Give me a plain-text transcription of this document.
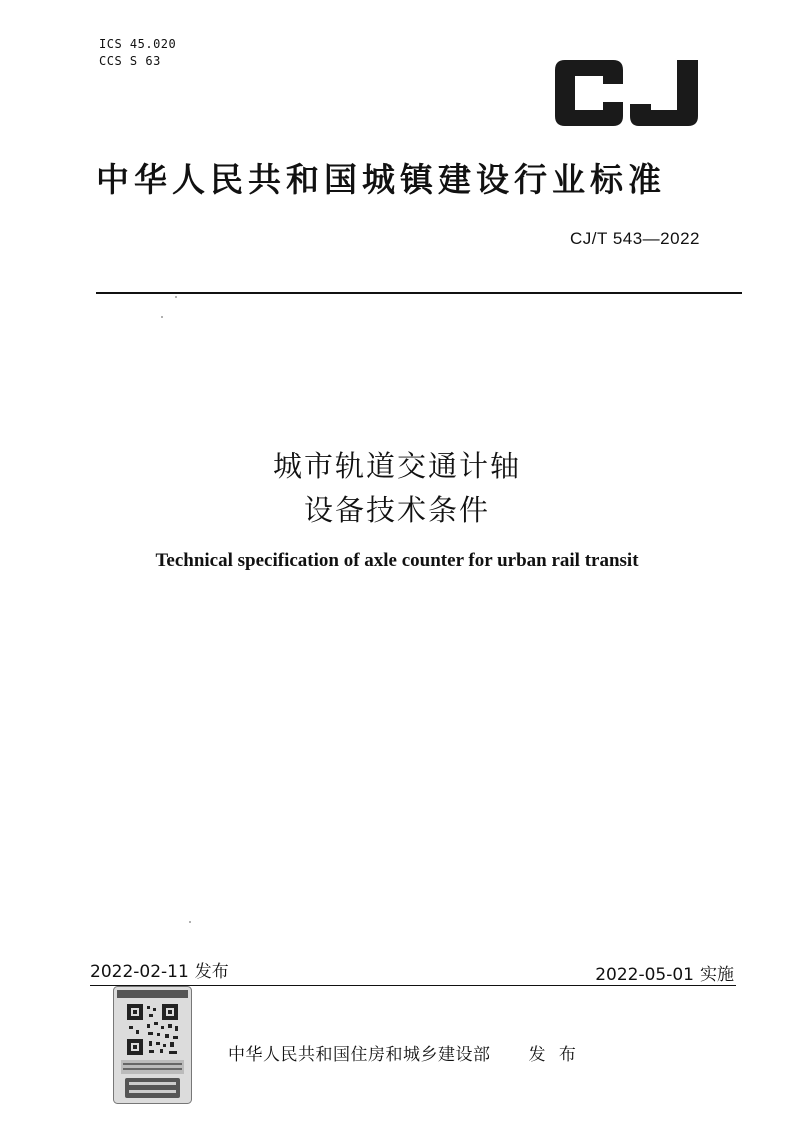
ICS 45.020
CCS S 63
中华人民共和国城镇建设行业标准
CJ/T 543—2022
城市轨道交通计轴
设备技术条件
Technical specification of axle counter for urban rail transit
2022-02-11 发布	2022-05-01 实施
中华人民共和国住房和城乡建设部 发 布
